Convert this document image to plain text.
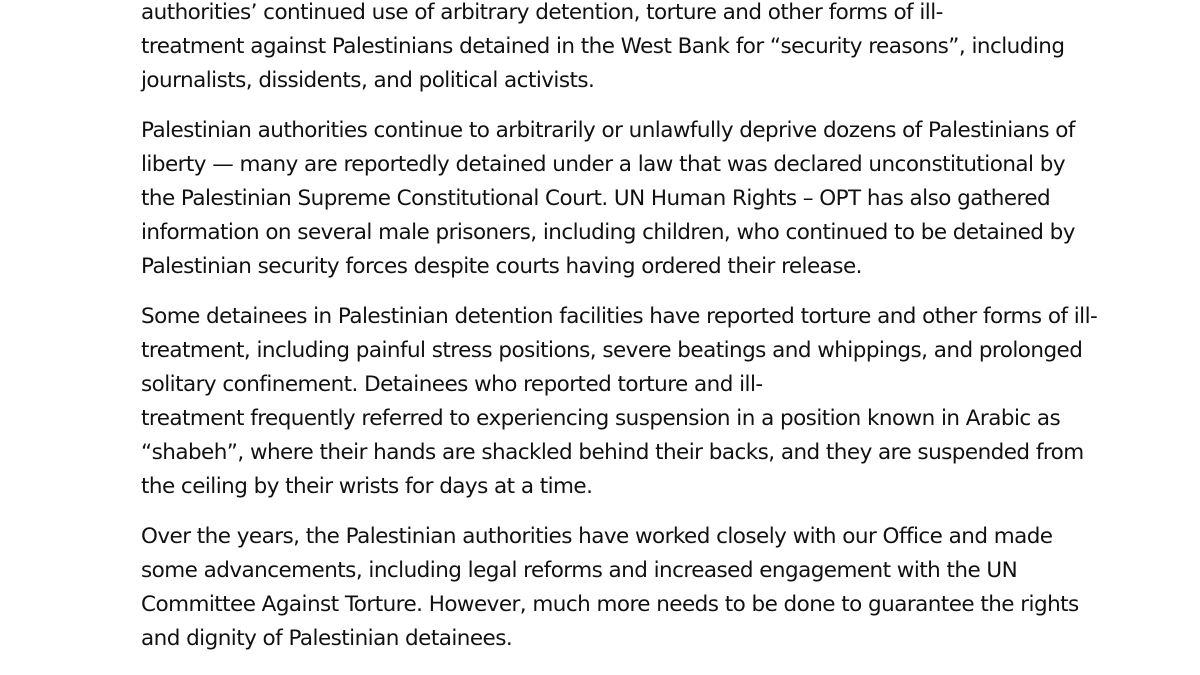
authorities’ continued use of arbitrary detention, torture and other forms of ill-
treatment against Palestinians detained in the West Bank for “security reasons”, including
journalists, dissidents, and political activists.
Palestinian authorities continue to arbitrarily or unlawfully deprive dozens of Palestinians of
liberty — many are reportedly detained under a law that was declared unconstitutional by
the Palestinian Supreme Constitutional Court. UN Human Rights – OPT has also gathered
information on several male prisoners, including children, who continued to be detained by
Palestinian security forces despite courts having ordered their release.
Some detainees in Palestinian detention facilities have reported torture and other forms of ill-
treatment, including painful stress positions, severe beatings and whippings, and prolonged
solitary confinement. Detainees who reported torture and ill-
treatment frequently referred to experiencing suspension in a position known in Arabic as
“shabeh”, where their hands are shackled behind their backs, and they are suspended from
the ceiling by their wrists for days at a time.
Over the years, the Palestinian authorities have worked closely with our Office and made
some advancements, including legal reforms and increased engagement with the UN
Committee Against Torture. However, much more needs to be done to guarantee the rights
and dignity of Palestinian detainees.
